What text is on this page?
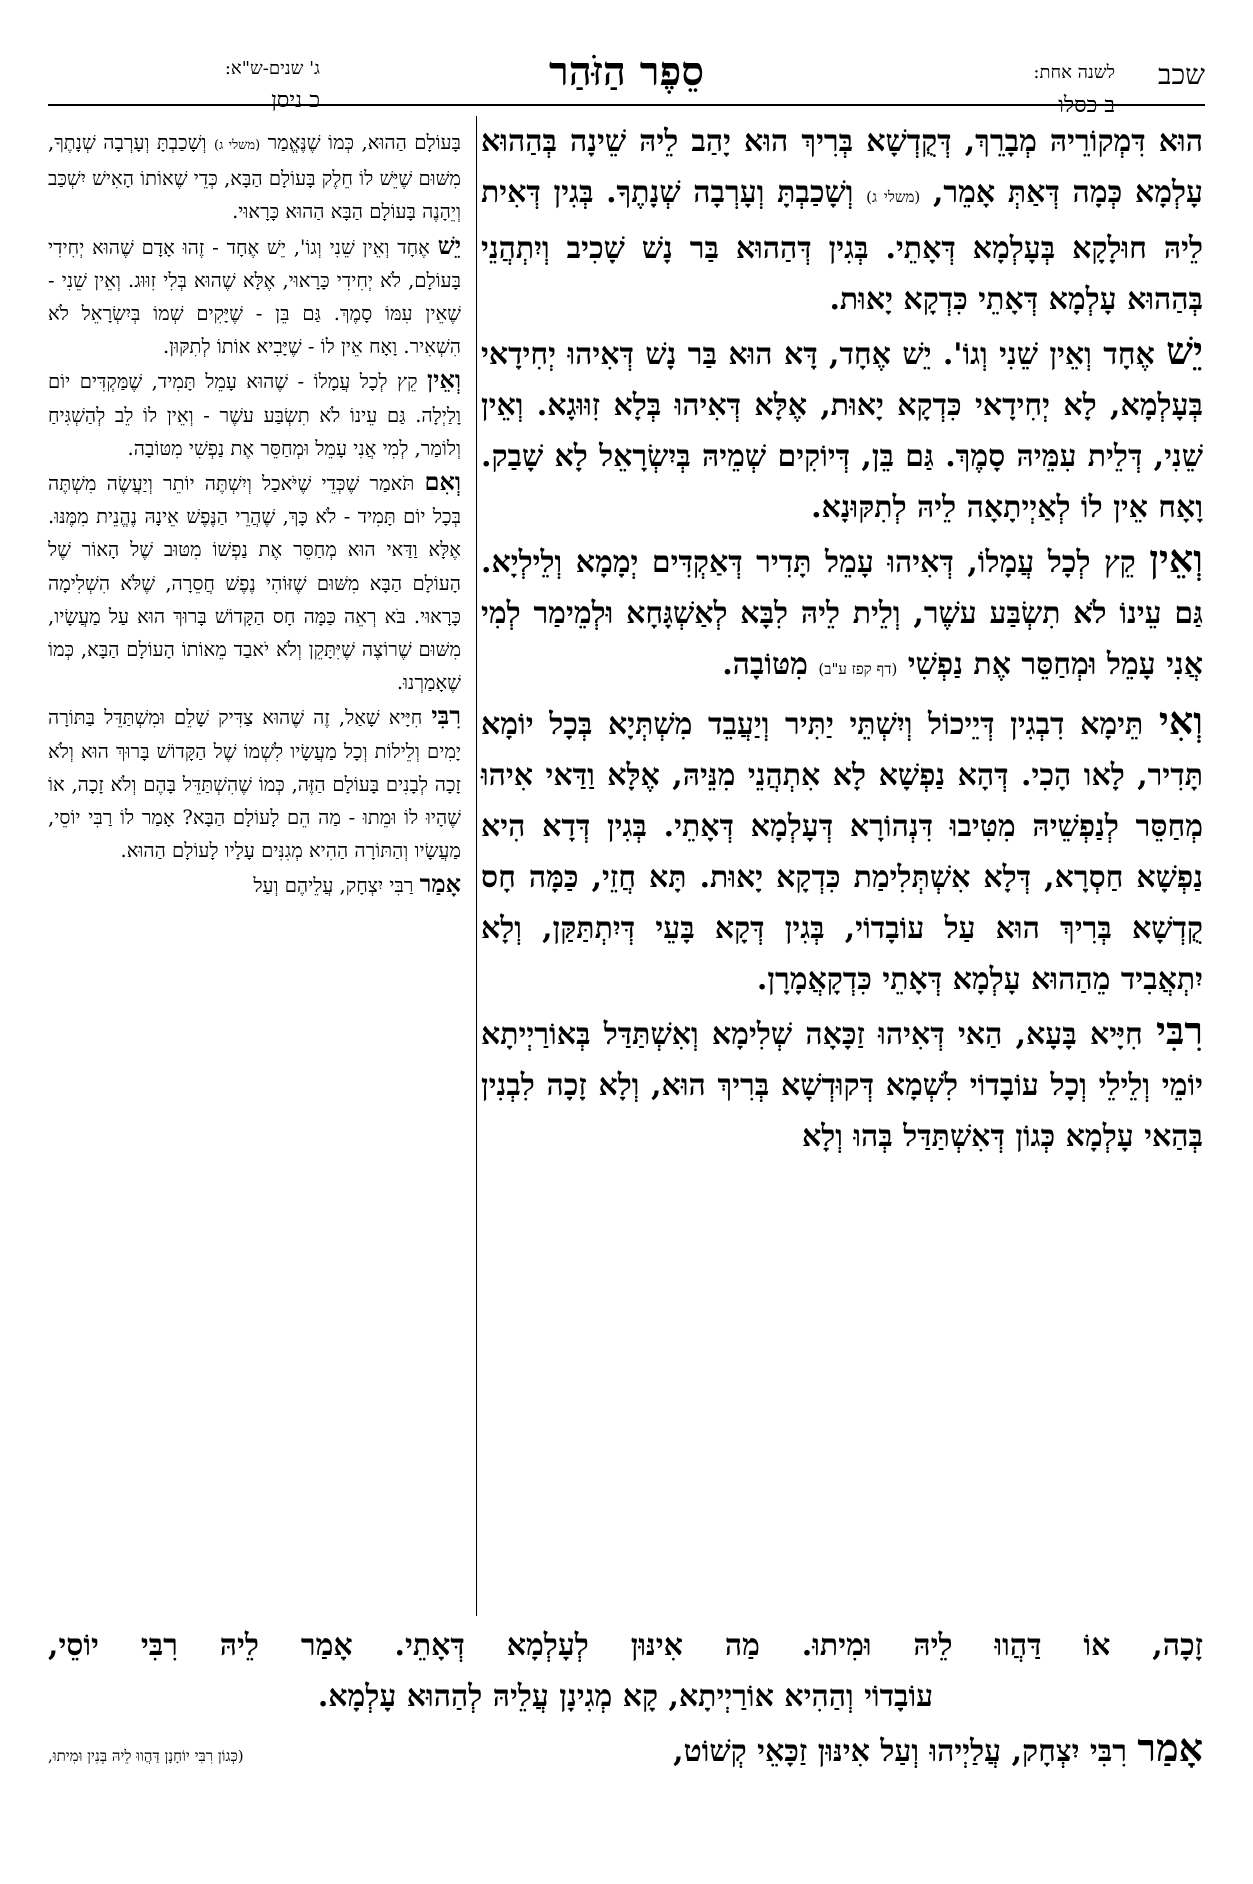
שכב
לשנה אחת:
ב כסלו
סֵפֶר הַזֹּהַר
ג' שנים-ש"א:
כ ניסן

הוּא דִּמְקוֹרֵיהּ מְבָרֵךְ, דְּקֻדְשָׁא בְּרִיךְ הוּא יָהַב לֵיהּ שֵׁינָה בְּהַהוּא עָלְמָא כְּמָה דְּאַתְּ אָמֵר, (משלי ג) וְשָׁכַבְתָּ וְעָרְבָה שְׁנָתֶךָ. בְּגִין דְּאִית לֵיהּ חוּלָקָא בְּעָלְמָא דְּאָתֵי. בְּגִין דְּהַהוּא בַּר נָשׁ שָׁכִיב וְיִתְהֲנֵי בְּהַהוּא עָלְמָא דְּאָתֵי כִּדְקָא יָאוּת.

יֵשׁ אֶחָד וְאֵין שֵׁנִי וְגוֹ'. יֵשׁ אֶחָד, דָּא הוּא בַּר נָשׁ דְּאִיהוּ יְחִידָאי בְּעָלְמָא, לָא יְחִידָאי כִּדְקָא יָאוּת, אֶלָּא דְּאִיהוּ בְּלָא זִוּוּגָא. וְאֵין שֵׁנִי, דְּלֵית עִמֵּיהּ סָמֶךְ. גַּם בֵּן, דְּיוֹקִים שְׁמֵיהּ בְּיִשְׂרָאֵל לָא שָׁבַק. וָאָח אֵין לוֹ לְאַיְיתָאָה לֵיהּ לְתִקּוּנָא.

וְאֵין קֵץ לְכָל עֲמָלוֹ, דְּאִיהוּ עָמֵל תָּדִיר דְּאַקְדִּים יְמָמָא וְלֵילְיָא. גַּם עֵינוֹ לֹא תִשְׂבַּע עשֶׁר, וְלֵית לֵיהּ לִבָּא לְאַשְׁגָּחָא וּלְמֵימַר לְמִי אֲנִי עָמֵל וּמְחַסֵּר אֶת נַפְשִׁי (דף קפז ע"ב) מִטּוֹבָה.

וְאִי תֵּימָא דִבְגִין דְּיֵיכוֹל וְיִשְׁתֵּי יַתִּיר וְיַעֲבֵד מִשְׁתְּיָא בְּכָל יוֹמָא תָּדִיר, לָאו הָכִי. דְּהָא נַפְשָׁא לָא אִתְהֲנֵי מִנֵּיהּ, אֶלָּא וַדַּאי אִיהוּ מְחַסֵּר לְנַפְשֵׁיהּ מִטִּיבוּ דִּנְהוֹרָא דְּעָלְמָא דְּאָתֵי. בְּגִין דְּדָא הִיא נַפְשָׁא חַסְרָא, דְּלָא אִשְׁתְּלִימַת כִּדְקָא יָאוּת. תָּא חֲזֵי, כַּמָּה חָס קֻדְשָׁא בְּרִיךְ הוּא עַל עוֹבָדוֹי, בְּגִין דְּקָא בָּעֵי דְּיִתְתַּקַּן, וְלָא יִתְאֲבִיד מֵהַהוּא עָלְמָא דְּאָתֵי כִּדְקָאֲמָרָן.

רִבִּי חִיָּיא בָּעָא, הַאי דְּאִיהוּ זַכָּאָה שְׁלִימָא וְאִשְׁתַּדַּל בְּאוֹרַיְיתָא יוֹמֵי וְלֵילֵי וְכָל עוֹבָדוֹי לִשְׁמָא דְּקוּדְשָׁא בְּרִיךְ הוּא, וְלָא זָכָה לִבְנִין בְּהַאי עָלְמָא כְּגוֹן דְּאִשְׁתַּדַּל בְּהוּ וְלָא

בָּעוֹלָם הַהוּא, כְּמוֹ שֶׁנֶּאֱמַר (משלי ג) וְשָׁכַבְתָּ וְעָרְבָה שְׁנָתֶךָ, מִשּׁוּם שֶׁיֵּשׁ לוֹ חֵלֶק בָּעוֹלָם הַבָּא, כְּדֵי שֶׁאוֹתוֹ הָאִישׁ יִשְׁכַּב וְיֵהָנֶה בָּעוֹלָם הַבָּא הַהוּא כָּרָאוּי.

יֵשׁ אֶחָד וְאֵין שֵׁנִי וְגוֹ', יֵשׁ אֶחָד - זֶהוּ אָדָם שֶׁהוּא יְחִידִי בָּעוֹלָם, לֹא יְחִידִי כָּרָאוּי, אֶלָּא שֶׁהוּא בְּלִי זִוּוּג. וְאֵין שֵׁנִי - שֶׁאֵין עִמּוֹ סָמֶךְ. גַּם בֵּן - שֶׁיָּקִים שְׁמוֹ בְּיִשְׂרָאֵל לֹא הִשְׁאִיר. וָאָח אֵין לוֹ - שֶׁיָּבִיא אוֹתוֹ לְתִקּוּן.

וְאֵין קֵץ לְכָל עֲמָלוֹ - שֶׁהוּא עָמֵל תָּמִיד, שֶׁמַּקְדִּים יוֹם וָלַיְלָה. גַּם עֵינוֹ לֹא תִשְׂבַּע עשֶׁר - וְאֵין לוֹ לֵב לְהַשְׁגִּיחַ וְלוֹמַר, לְמִי אֲנִי עָמֵל וּמְחַסֵּר אֶת נַפְשִׁי מִטּוֹבָה.

וְאִם תֹּאמַר שֶׁכְּדֵי שֶׁיֹּאכַל וְיִשְׁתֶּה יוֹתֵר וְיַעֲשֶׂה מִשְׁתֶּה בְּכָל יוֹם תָּמִיד - לֹא כָּךְ, שֶׁהֲרֵי הַנֶּפֶשׁ אֵינָהּ נֶהֱנֵית מִמֶּנּוּ. אֶלָּא וַדַּאי הוּא מְחַסֵּר אֶת נַפְשׁוֹ מִטּוּב שֶׁל הָאוֹר שֶׁל הָעוֹלָם הַבָּא מִשּׁוּם שֶׁזּוֹהִי נֶפֶשׁ חֲסֵרָה, שֶׁלֹּא הִשְׁלִימָה כָּרָאוּי. בֹּא רְאֵה כַּמָּה חָס הַקָּדוֹשׁ בָּרוּךְ הוּא עַל מַעֲשָׂיו, מִשּׁוּם שֶׁרוֹצֶה שֶׁיִּתָּקֵן וְלֹא יֹאבַד מֵאוֹתוֹ הָעוֹלָם הַבָּא, כְּמוֹ שֶׁאָמַרְנוּ.

רִבִּי חִיָּיא שָׁאַל, זֶה שֶׁהוּא צַדִּיק שָׁלֵם וּמִשְׁתַּדֵּל בַּתּוֹרָה יָמִים וְלֵילוֹת וְכָל מַעֲשָׂיו לִשְׁמוֹ שֶׁל הַקָּדוֹשׁ בָּרוּךְ הוּא וְלֹא זָכָה לְבָנִים בָּעוֹלָם הַזֶּה, כְּמוֹ שֶׁהִשְׁתַּדֵּל בָּהֶם וְלֹא זָכָה, אוֹ שֶׁהָיוּ לוֹ וּמֵתוּ - מַה הֵם לָעוֹלָם הַבָּא? אָמַר לוֹ רַבִּי יוֹסֵי, מַעֲשָׂיו וְהַתּוֹרָה הַהִיא מְגִנִּים עָלָיו לָעוֹלָם הַהוּא.

אָמַר רַבִּי יִצְחָק, עֲלֵיהֶם וְעַל

זָכָה, אוֹ דַּהֲווּ לֵיהּ וּמִיתוּ. מַה אִינּוּן לְעָלְמָא דְּאָתֵי. אָמַר לֵיהּ רִבִּי יוֹסֵי,

עוֹבָדוֹי וְהַהִיא אוֹרַיְיתָא, קָא מְגִינָן עֲלֵיהּ לְהַהוּא עָלְמָא.

אָמַר רִבִּי יִצְחָק, עֲלַיְיהוּ וְעַל אִינּוּן זַכָּאֵי קְשׁוֹט,
(כְּגוֹן רִבִּי יוֹחָנָן דַּהֲווּ לֵיהּ בְּנִין וּמִיתוּ,
